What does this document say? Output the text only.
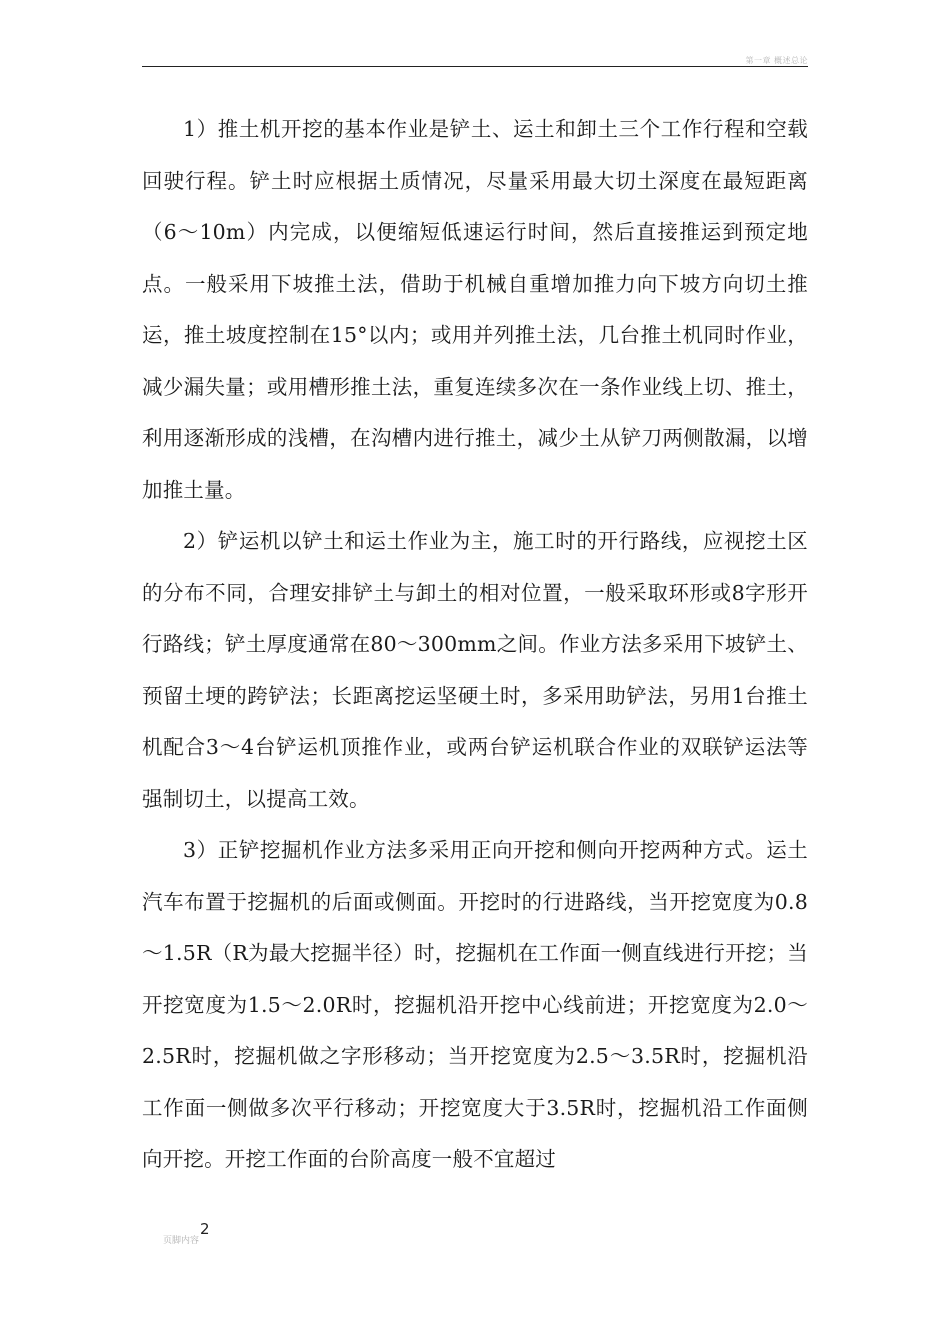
第一章 概述总论

1）推土机开挖的基本作业是铲土、运土和卸土三个工作行程和空载回驶行程。铲土时应根据土质情况，尽量采用最大切土深度在最短距离（6～10m）内完成，以便缩短低速运行时间，然后直接推运到预定地点。一般采用下坡推土法，借助于机械自重增加推力向下坡方向切土推运，推土坡度控制在15°以内；或用并列推土法，几台推土机同时作业，减少漏失量；或用槽形推土法，重复连续多次在一条作业线上切、推土，利用逐渐形成的浅槽，在沟槽内进行推土，减少土从铲刀两侧散漏，以增加推土量。

2）铲运机以铲土和运土作业为主，施工时的开行路线，应视挖土区的分布不同，合理安排铲土与卸土的相对位置，一般采取环形或8字形开行路线；铲土厚度通常在80～300mm之间。作业方法多采用下坡铲土、预留土埂的跨铲法；长距离挖运坚硬土时，多采用助铲法，另用1台推土机配合3～4台铲运机顶推作业，或两台铲运机联合作业的双联铲运法等强制切土，以提高工效。

3）正铲挖掘机作业方法多采用正向开挖和侧向开挖两种方式。运土汽车布置于挖掘机的后面或侧面。开挖时的行进路线，当开挖宽度为0.8～1.5R（R为最大挖掘半径）时，挖掘机在工作面一侧直线进行开挖；当开挖宽度为1.5～2.0R时，挖掘机沿开挖中心线前进；开挖宽度为2.0～2.5R时，挖掘机做之字形移动；当开挖宽度为2.5～3.5R时，挖掘机沿工作面一侧做多次平行移动；开挖宽度大于3.5R时，挖掘机沿工作面侧向开挖。开挖工作面的台阶高度一般不宜超过

页脚内容2
